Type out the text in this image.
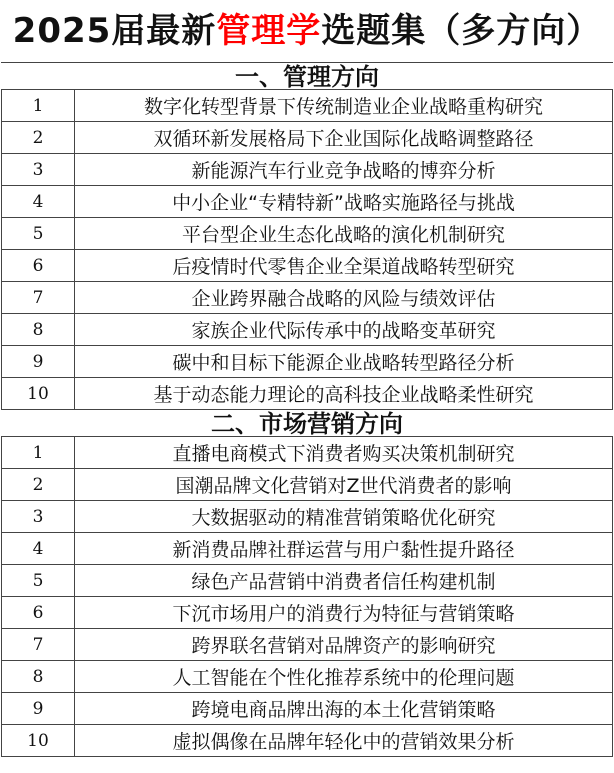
2025届最新管理学选题集（多方向）
一、管理方向
1	数字化转型背景下传统制造业企业战略重构研究
2	双循环新发展格局下企业国际化战略调整路径
3	新能源汽车行业竞争战略的博弈分析
4	中小企业“专精特新”战略实施路径与挑战
5	平台型企业生态化战略的演化机制研究
6	后疫情时代零售企业全渠道战略转型研究
7	企业跨界融合战略的风险与绩效评估
8	家族企业代际传承中的战略变革研究
9	碳中和目标下能源企业战略转型路径分析
10	基于动态能力理论的高科技企业战略柔性研究
二、市场营销方向
1	直播电商模式下消费者购买决策机制研究
2	国潮品牌文化营销对Z世代消费者的影响
3	大数据驱动的精准营销策略优化研究
4	新消费品牌社群运营与用户黏性提升路径
5	绿色产品营销中消费者信任构建机制
6	下沉市场用户的消费行为特征与营销策略
7	跨界联名营销对品牌资产的影响研究
8	人工智能在个性化推荐系统中的伦理问题
9	跨境电商品牌出海的本土化营销策略
10	虚拟偶像在品牌年轻化中的营销效果分析
